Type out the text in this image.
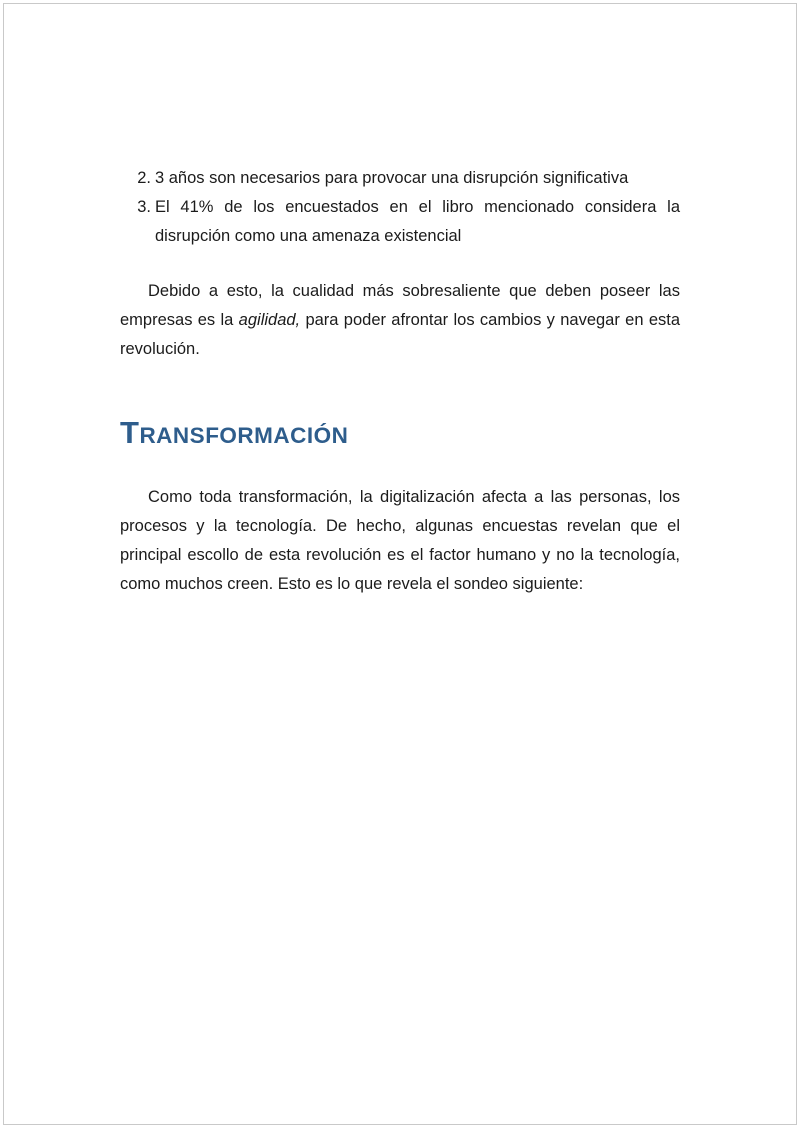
2. 3 años son necesarios para provocar una disrupción significativa
3. El 41% de los encuestados en el libro mencionado considera la disrupción como una amenaza existencial

Debido a esto, la cualidad más sobresaliente que deben poseer las empresas es la agilidad, para poder afrontar los cambios y navegar en esta revolución.

TRANSFORMACIÓN

Como toda transformación, la digitalización afecta a las personas, los procesos y la tecnología. De hecho, algunas encuestas revelan que el principal escollo de esta revolución es el factor humano y no la tecnología, como muchos creen. Esto es lo que revela el sondeo siguiente:
